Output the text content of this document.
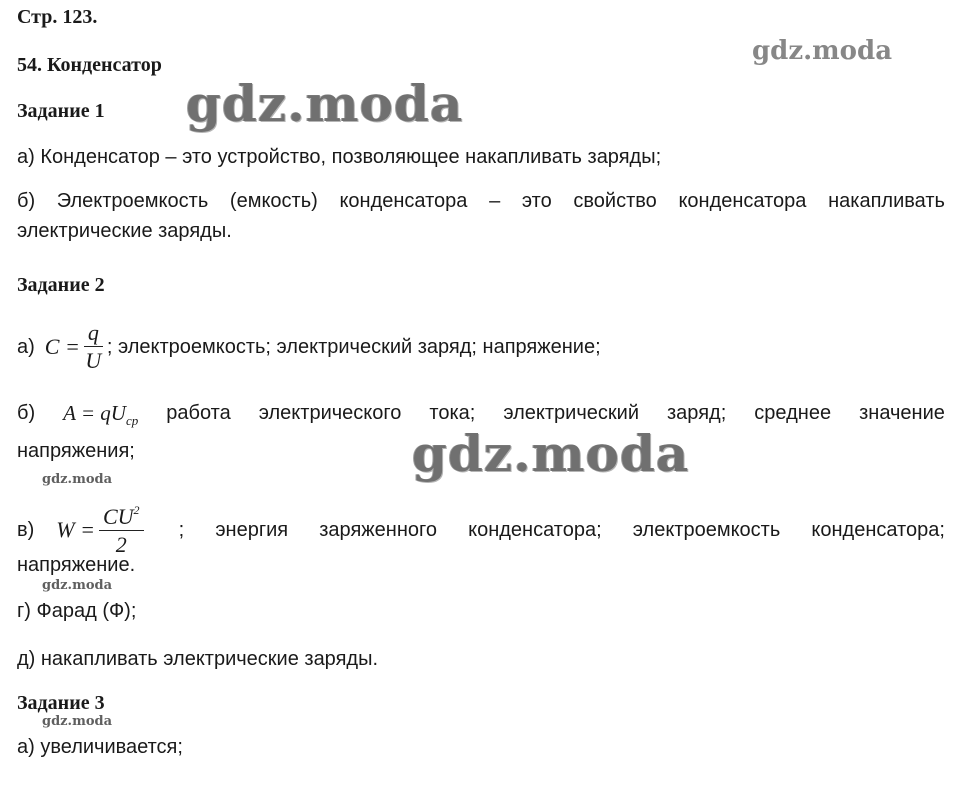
Стр. 123.
54. Конденсатор	gdz.moda
Задание 1 gdz.moda
а) Конденсатор – это устройство, позволяющее накапливать заряды;
б) Электроемкость (емкость) конденсатора – это свойство конденсатора накапливать
электрические заряды.
Задание 2
а) $C = \frac{q}{U}$ ; электроемкость; электрический заряд; напряжение;
б) $A = qU_{ср}$ работа электрического тока; электрический заряд; среднее значение
напряжения;	gdz.moda
gdz.moda
в) $W = \frac{CU^2}{2}$ ; энергия заряженного конденсатора; электроемкость конденсатора;
напряжение.
gdz.moda
г) Фарад (Ф);
д) накапливать электрические заряды.
Задание 3
gdz.moda
а) увеличивается;
